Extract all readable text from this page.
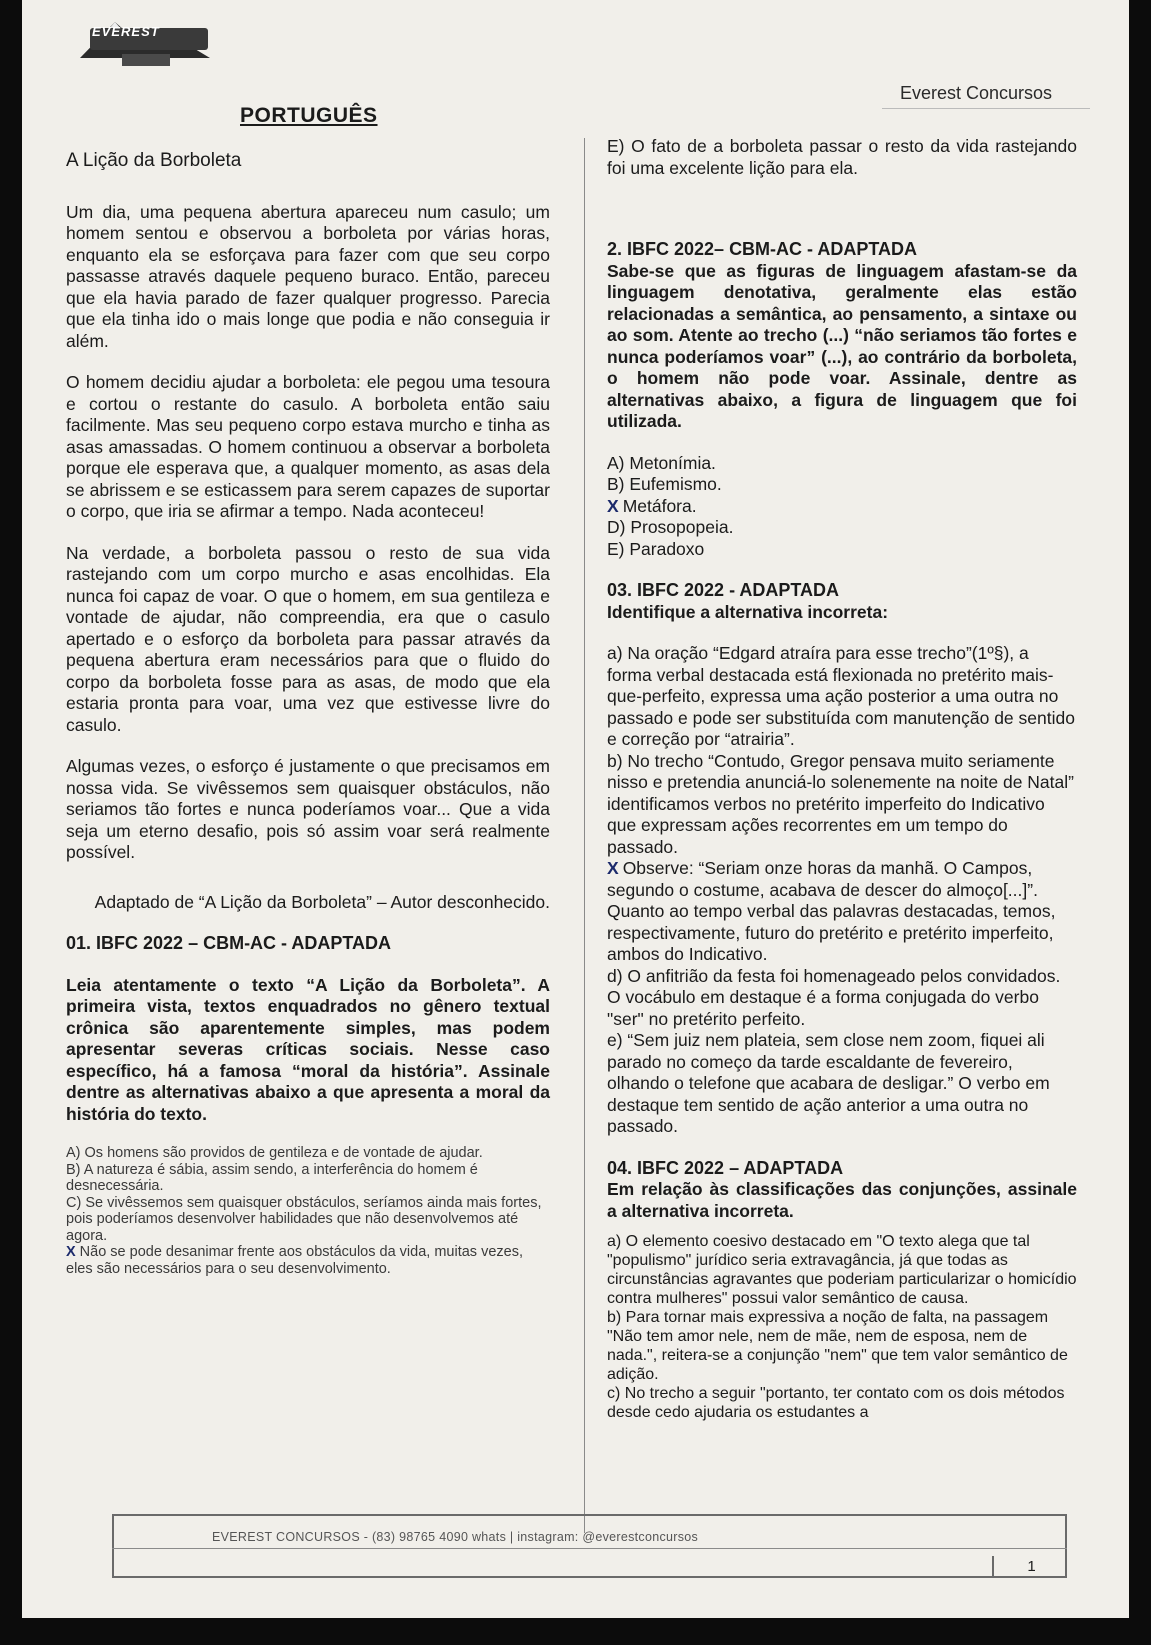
EVEREST
Everest Concursos
PORTUGUÊS

A Lição da Borboleta

Um dia, uma pequena abertura apareceu num casulo; um homem sentou e observou a borboleta por várias horas, enquanto ela se esforçava para fazer com que seu corpo passasse através daquele pequeno buraco. Então, pareceu que ela havia parado de fazer qualquer progresso. Parecia que ela tinha ido o mais longe que podia e não conseguia ir além.

O homem decidiu ajudar a borboleta: ele pegou uma tesoura e cortou o restante do casulo. A borboleta então saiu facilmente. Mas seu pequeno corpo estava murcho e tinha as asas amassadas. O homem continuou a observar a borboleta porque ele esperava que, a qualquer momento, as asas dela se abrissem e se esticassem para serem capazes de suportar o corpo, que iria se afirmar a tempo. Nada aconteceu!

Na verdade, a borboleta passou o resto de sua vida rastejando com um corpo murcho e asas encolhidas. Ela nunca foi capaz de voar. O que o homem, em sua gentileza e vontade de ajudar, não compreendia, era que o casulo apertado e o esforço da borboleta para passar através da pequena abertura eram necessários para que o fluido do corpo da borboleta fosse para as asas, de modo que ela estaria pronta para voar, uma vez que estivesse livre do casulo.

Algumas vezes, o esforço é justamente o que precisamos em nossa vida. Se vivêssemos sem quaisquer obstáculos, não seriamos tão fortes e nunca poderíamos voar... Que a vida seja um eterno desafio, pois só assim voar será realmente possível.

Adaptado de “A Lição da Borboleta” – Autor desconhecido.

01. IBFC 2022 – CBM-AC - ADAPTADA

Leia atentamente o texto “A Lição da Borboleta”. A primeira vista, textos enquadrados no gênero textual crônica são aparentemente simples, mas podem apresentar severas críticas sociais. Nesse caso específico, há a famosa “moral da história”. Assinale dentre as alternativas abaixo a que apresenta a moral da história do texto.

A) Os homens são providos de gentileza e de vontade de ajudar.

B) A natureza é sábia, assim sendo, a interferência do homem é desnecessária.

C) Se vivêssemos sem quaisquer obstáculos, seríamos ainda mais fortes, pois poderíamos desenvolver habilidades que não desenvolvemos até agora.

X Não se pode desanimar frente aos obstáculos da vida, muitas vezes, eles são necessários para o seu desenvolvimento.

E) O fato de a borboleta passar o resto da vida rastejando foi uma excelente lição para ela.

2. IBFC 2022– CBM-AC - ADAPTADA

Sabe-se que as figuras de linguagem afastam-se da linguagem denotativa, geralmente elas estão relacionadas a semântica, ao pensamento, a sintaxe ou ao som. Atente ao trecho (...) “não seriamos tão fortes e nunca poderíamos voar” (...), ao contrário da borboleta, o homem não pode voar. Assinale, dentre as alternativas abaixo, a figura de linguagem que foi utilizada.

A) Metonímia.

B) Eufemismo.

X Metáfora.

D) Prosopopeia.

E) Paradoxo

03. IBFC 2022 - ADAPTADA

Identifique a alternativa incorreta:

a) Na oração “Edgard atraíra para esse trecho”(1º§), a forma verbal destacada está flexionada no pretérito mais-que-perfeito, expressa uma ação posterior a uma outra no passado e pode ser substituída com manutenção de sentido e correção por “atrairia”.

b) No trecho “Contudo, Gregor pensava muito seriamente nisso e pretendia anunciá-lo solenemente na noite de Natal” identificamos verbos no pretérito imperfeito do Indicativo que expressam ações recorrentes em um tempo do passado.

X Observe: “Seriam onze horas da manhã. O Campos, segundo o costume, acabava de descer do almoço[...]”. Quanto ao tempo verbal das palavras destacadas, temos, respectivamente, futuro do pretérito e pretérito imperfeito, ambos do Indicativo.

d) O anfitrião da festa foi homenageado pelos convidados. O vocábulo em destaque é a forma conjugada do verbo "ser" no pretérito perfeito.

e) “Sem juiz nem plateia, sem close nem zoom, fiquei ali parado no começo da tarde escaldante de fevereiro, olhando o telefone que acabara de desligar.” O verbo em destaque tem sentido de ação anterior a uma outra no passado.

04. IBFC 2022 – ADAPTADA

Em relação às classificações das conjunções, assinale a alternativa incorreta.

a) O elemento coesivo destacado em "O texto alega que tal "populismo" jurídico seria extravagância, já que todas as circunstâncias agravantes que poderiam particularizar o homicídio contra mulheres" possui valor semântico de causa.

b) Para tornar mais expressiva a noção de falta, na passagem "Não tem amor nele, nem de mãe, nem de esposa, nem de nada.", reitera-se a conjunção "nem" que tem valor semântico de adição.

c) No trecho a seguir "portanto, ter contato com os dois métodos desde cedo ajudaria os estudantes a

EVEREST CONCURSOS - (83) 98765 4090 whats | instagram: @everestconcursos
1
